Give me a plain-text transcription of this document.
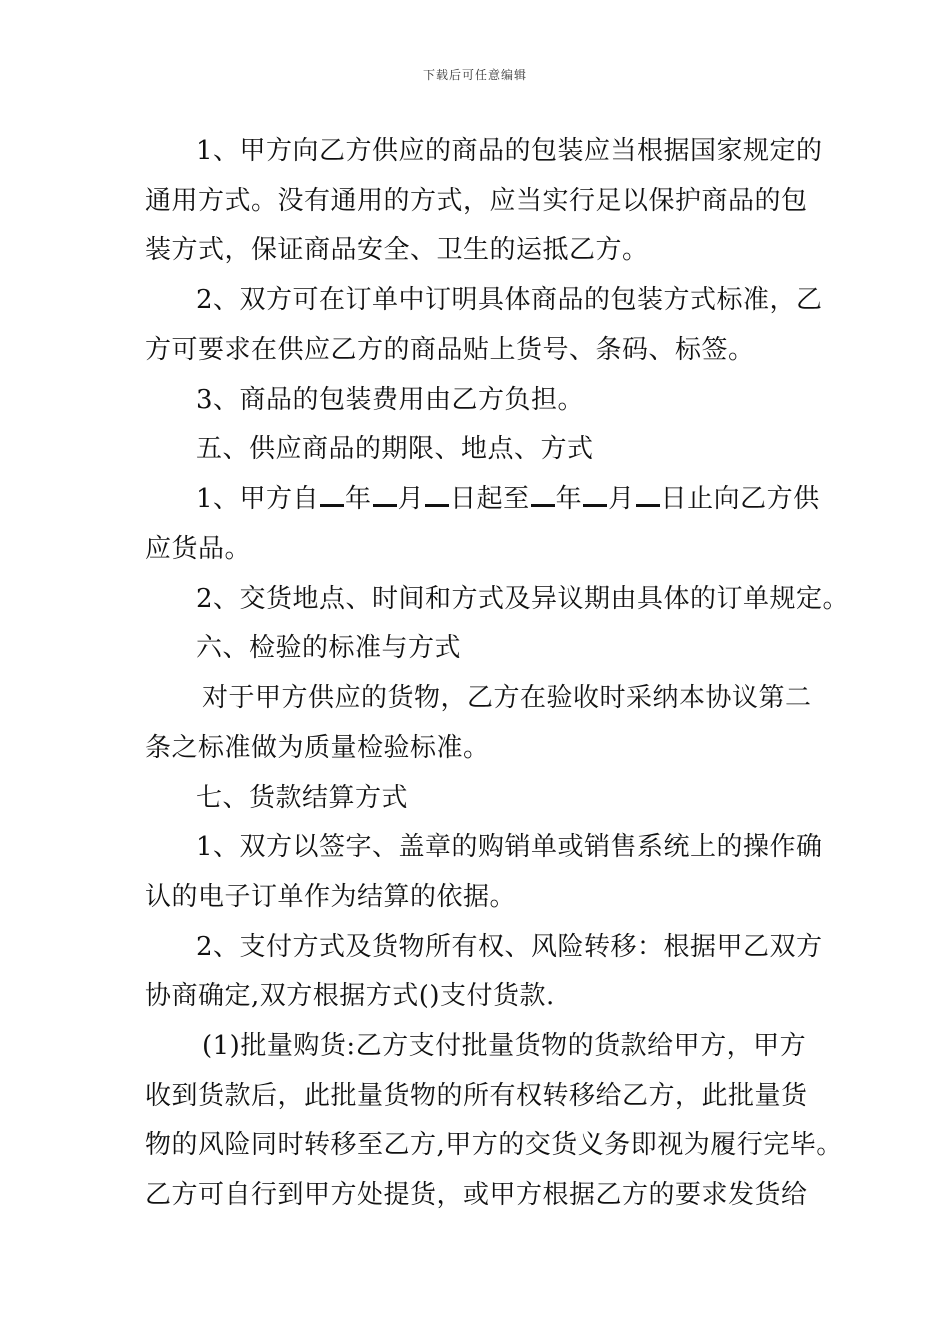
下载后可任意编辑
1、甲方向乙方供应的商品的包装应当根据国家规定的
通用方式。没有通用的方式，应当实行足以保护商品的包
装方式，保证商品安全、卫生的运抵乙方。
2、双方可在订单中订明具体商品的包装方式标准，乙
方可要求在供应乙方的商品贴上货号、条码、标签。
3、商品的包装费用由乙方负担。
五、供应商品的期限、地点、方式
1、甲方自 年 月 日起至 年 月 日止向乙方供
应货品。
2、交货地点、时间和方式及异议期由具体的订单规定。
六、检验的标准与方式
对于甲方供应的货物，乙方在验收时采纳本协议第二
条之标准做为质量检验标准。
七、货款结算方式
1、双方以签字、盖章的购销单或销售系统上的操作确
认的电子订单作为结算的依据。
2、支付方式及货物所有权、风险转移：根据甲乙双方
协商确定,双方根据方式()支付货款.
(1)批量购货:乙方支付批量货物的货款给甲方，甲方
收到货款后，此批量货物的所有权转移给乙方，此批量货
物的风险同时转移至乙方,甲方的交货义务即视为履行完毕。
乙方可自行到甲方处提货，或甲方根据乙方的要求发货给
